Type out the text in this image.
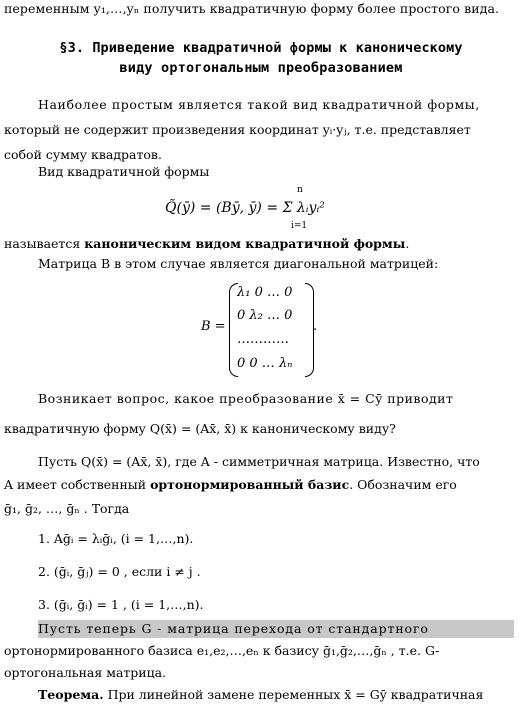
переменным y₁,…,yₙ получить квадратичную форму более простого вида.
§3. Приведение квадратичной формы к каноническому
виду ортогональным преобразованием
Наиболее простым является такой вид квадратичной формы,
который не содержит произведения координат yᵢ·yⱼ, т.е. представляет
собой сумму квадратов.
Вид квадратичной формы
Q̃(ȳ) = (Bȳ, ȳ) = Σ λᵢyᵢ²
n
i=1
называется каноническим видом квадратичной формы.
Матрица B в этом случае является диагональной матрицей:
B =
λ₁ 0 … 0
0 λ₂ … 0
…………
0 0 … λₙ
.
Возникает вопрос, какое преобразование x̄ = Cȳ приводит
квадратичную форму Q(x̄) = (Ax̄, x̄) к каноническому виду?
Пусть Q(x̄) = (Ax̄, x̄), где A - симметричная матрица. Известно, что
A имеет собственный ортонормированный базис. Обозначим его
ḡ₁, ḡ₂, …, ḡₙ . Тогда
1. Aḡᵢ = λᵢḡᵢ, (i = 1,…,n).
2. (ḡᵢ, ḡⱼ) = 0 , если i ≠ j .
3. (ḡᵢ, ḡᵢ) = 1 , (i = 1,…,n).
Пусть теперь G - матрица перехода от стандартного
ортонормированного базиса e₁,e₂,…,eₙ к базису ḡ₁,ḡ₂,…,ḡₙ , т.е. G-
ортогональная матрица.
Теорема. При линейной замене переменных x̄ = Gȳ квадратичная
